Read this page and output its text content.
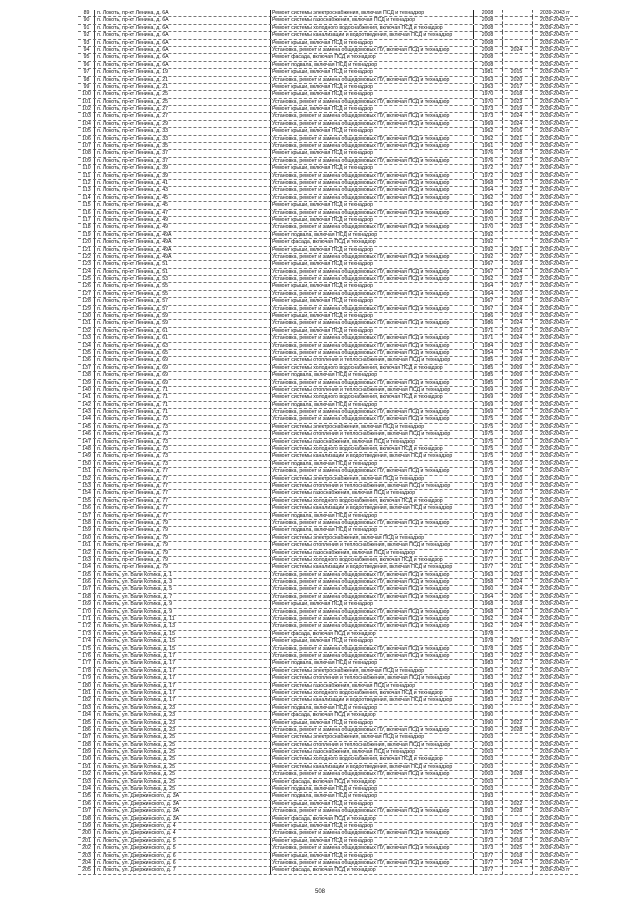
89	п. Локоть, пр-кт Ленина, д. 6А	Ремонт системы электроснабжения, включая ПСД и технадзор	2008	2039-2043 гг
90	п. Локоть, пр-кт Ленина, д. 6А	Ремонт системы газоснабжения, включая ПСД и технадзор	2008	2039-2043 гг
91	п. Локоть, пр-кт Ленина, д. 6А	Ремонт системы холодного водоснабжения, включая ПСД и технадзор	2008	2039-2043 гг
92	п. Локоть, пр-кт Ленина, д. 6А	Ремонт системы канализации и водоотведения, включая ПСД и технадзор	2008	2039-2043 гг
93	п. Локоть, пр-кт Ленина, д. 6А	Ремонт крыши, включая ПСД и технадзор	2008	2039-2043 гг
94	п. Локоть, пр-кт Ленина, д. 6А	Установка, ремонт и замена общедомовых ПУ, включая ПСД и технадзор	2008	2024	2039-2043 гг
95	п. Локоть, пр-кт Ленина, д. 6А	Ремонт фасада, включая ПСД и технадзор	2008	2039-2043 гг
96	п. Локоть, пр-кт Ленина, д. 6А	Ремонт подвала, включая ПСД и технадзор	2008	2039-2043 гг
97	п. Локоть, пр-кт Ленина, д. 19	Ремонт крыши, включая ПСД и технадзор	1981	2015	2039-2043 гг
98	п. Локоть, пр-кт Ленина, д. 21	Установка, ремонт и замена общедомовых ПУ, включая ПСД и технадзор	1963	2020	2039-2043 гг
99	п. Локоть, пр-кт Ленина, д. 21	Ремонт крыши, включая ПСД и технадзор	1963	2017	2039-2043 гг
100	п. Локоть, пр-кт Ленина, д. 25	Ремонт крыши, включая ПСД и технадзор	1970	2018	2039-2043 гг
101	п. Локоть, пр-кт Ленина, д. 25	Установка, ремонт и замена общедомовых ПУ, включая ПСД и технадзор	1970	2023	2039-2043 гг
102	п. Локоть, пр-кт Ленина, д. 27	Ремонт крыши, включая ПСД и технадзор	1973	2019	2039-2043 гг
103	п. Локоть, пр-кт Ленина, д. 27	Установка, ремонт и замена общедомовых ПУ, включая ПСД и технадзор	1973	2024	2039-2043 гг
104	п. Локоть, пр-кт Ленина, д. 29	Установка, ремонт и замена общедомовых ПУ, включая ПСД и технадзор	1969	2024	2039-2043 гг
105	п. Локоть, пр-кт Ленина, д. 33	Ремонт крыши, включая ПСД и технадзор	1962	2016	2039-2043 гг
106	п. Локоть, пр-кт Ленина, д. 33	Установка, ремонт и замена общедомовых ПУ, включая ПСД и технадзор	1962	2021	2039-2043 гг
107	п. Локоть, пр-кт Ленина, д. 35	Установка, ремонт и замена общедомовых ПУ, включая ПСД и технадзор	1961	2020	2039-2043 гг
108	п. Локоть, пр-кт Ленина, д. 37	Ремонт крыши, включая ПСД и технадзор	1976	2018	2039-2043 гг
109	п. Локоть, пр-кт Ленина, д. 37	Установка, ремонт и замена общедомовых ПУ, включая ПСД и технадзор	1976	2023	2039-2043 гг
110	п. Локоть, пр-кт Ленина, д. 39	Ремонт крыши, включая ПСД и технадзор	1972	2017	2039-2043 гг
111	п. Локоть, пр-кт Ленина, д. 39	Установка, ремонт и замена общедомовых ПУ, включая ПСД и технадзор	1972	2023	2039-2043 гг
112	п. Локоть, пр-кт Ленина, д. 41	Установка, ремонт и замена общедомовых ПУ, включая ПСД и технадзор	1968	2023	2039-2043 гг
113	п. Локоть, пр-кт Ленина, д. 43	Установка, ремонт и замена общедомовых ПУ, включая ПСД и технадзор	1964	2022	2039-2043 гг
114	п. Локоть, пр-кт Ленина, д. 45	Установка, ремонт и замена общедомовых ПУ, включая ПСД и технадзор	1962	2020	2039-2043 гг
115	п. Локоть, пр-кт Ленина, д. 45	Ремонт крыши, включая ПСД и технадзор	1962	2017	2039-2043 гг
116	п. Локоть, пр-кт Ленина, д. 47	Установка, ремонт и замена общедомовых ПУ, включая ПСД и технадзор	1960	2022	2039-2043 гг
117	п. Локоть, пр-кт Ленина, д. 49	Ремонт крыши, включая ПСД и технадзор	1970	2018	2039-2043 гг
118	п. Локоть, пр-кт Ленина, д. 49	Установка, ремонт и замена общедомовых ПУ, включая ПСД и технадзор	1970	2023	2039-2043 гг
119	п. Локоть, пр-кт Ленина, д. 49А	Ремонт подвала, включая ПСД и технадзор	1992	2039-2043 гг
120	п. Локоть, пр-кт Ленина, д. 49А	Ремонт фасада, включая ПСД и технадзор	1992	2039-2043 гг
121	п. Локоть, пр-кт Ленина, д. 49А	Ремонт крыши, включая ПСД и технадзор	1992	2021	2039-2043 гг
122	п. Локоть, пр-кт Ленина, д. 49А	Установка, ремонт и замена общедомовых ПУ, включая ПСД и технадзор	1992	2027	2039-2043 гг
123	п. Локоть, пр-кт Ленина, д. 51	Ремонт крыши, включая ПСД и технадзор	1967	2019	2039-2043 гг
124	п. Локоть, пр-кт Ленина, д. 51	Установка, ремонт и замена общедомовых ПУ, включая ПСД и технадзор	1967	2024	2039-2043 гг
125	п. Локоть, пр-кт Ленина, д. 53	Установка, ремонт и замена общедомовых ПУ, включая ПСД и технадзор	1962	2023	2039-2043 гг
126	п. Локоть, пр-кт Ленина, д. 55	Ремонт крыши, включая ПСД и технадзор	1964	2017	2039-2043 гг
127	п. Локоть, пр-кт Ленина, д. 55	Установка, ремонт и замена общедомовых ПУ, включая ПСД и технадзор	1964	2020	2039-2043 гг
128	п. Локоть, пр-кт Ленина, д. 57	Ремонт крыши, включая ПСД и технадзор	1967	2018	2039-2043 гг
129	п. Локоть, пр-кт Ленина, д. 57	Установка, ремонт и замена общедомовых ПУ, включая ПСД и технадзор	1967	2024	2039-2043 гг
130	п. Локоть, пр-кт Ленина, д. 59	Ремонт крыши, включая ПСД и технадзор	1986	2019	2039-2043 гг
131	п. Локоть, пр-кт Ленина, д. 59	Установка, ремонт и замена общедомовых ПУ, включая ПСД и технадзор	1986	2024	2039-2043 гг
132	п. Локоть, пр-кт Ленина, д. 61	Ремонт крыши, включая ПСД и технадзор	1971	2019	2039-2043 гг
133	п. Локоть, пр-кт Ленина, д. 61	Установка, ремонт и замена общедомовых ПУ, включая ПСД и технадзор	1971	2024	2039-2043 гг
134	п. Локоть, пр-кт Ленина, д. 63	Установка, ремонт и замена общедомовых ПУ, включая ПСД и технадзор	1984	2023	2039-2043 гг
135	п. Локоть, пр-кт Ленина, д. 65	Установка, ремонт и замена общедомовых ПУ, включая ПСД и технадзор	1954	2024	2039-2043 гг
136	п. Локоть, пр-кт Ленина, д. 69	Ремонт системы отопления и теплоснабжения, включая ПСД и технадзор	1985	2009	2039-2043 гг
137	п. Локоть, пр-кт Ленина, д. 69	Ремонт системы холодного водоснабжения, включая ПСД и технадзор	1985	2009	2039-2043 гг
138	п. Локоть, пр-кт Ленина, д. 69	Ремонт подвала, включая ПСД и технадзор	1985	2009	2039-2043 гг
139	п. Локоть, пр-кт Ленина, д. 69	Установка, ремонт и замена общедомовых ПУ, включая ПСД и технадзор	1985	2026	2039-2043 гг
140	п. Локоть, пр-кт Ленина, д. 71	Ремонт системы отопления и теплоснабжения, включая ПСД и технадзор	1969	2009	2039-2043 гг
141	п. Локоть, пр-кт Ленина, д. 71	Ремонт системы холодного водоснабжения, включая ПСД и технадзор	1969	2009	2039-2043 гг
142	п. Локоть, пр-кт Ленина, д. 71	Ремонт подвала, включая ПСД и технадзор	1969	2009	2039-2043 гг
143	п. Локоть, пр-кт Ленина, д. 71	Установка, ремонт и замена общедомовых ПУ, включая ПСД и технадзор	1969	2026	2039-2043 гг
144	п. Локоть, пр-кт Ленина, д. 73	Установка, ремонт и замена общедомовых ПУ, включая ПСД и технадзор	1975	2026	2039-2043 гг
145	п. Локоть, пр-кт Ленина, д. 73	Ремонт системы электроснабжения, включая ПСД и технадзор	1975	2010	2039-2043 гг
146	п. Локоть, пр-кт Ленина, д. 73	Ремонт системы отопления и теплоснабжения, включая ПСД и технадзор	1975	2010	2039-2043 гг
147	п. Локоть, пр-кт Ленина, д. 73	Ремонт системы газоснабжения, включая ПСД и технадзор	1975	2010	2039-2043 гг
148	п. Локоть, пр-кт Ленина, д. 73	Ремонт системы холодного водоснабжения, включая ПСД и технадзор	1975	2010	2039-2043 гг
149	п. Локоть, пр-кт Ленина, д. 73	Ремонт системы канализации и водоотведения, включая ПСД и технадзор	1975	2010	2039-2043 гг
150	п. Локоть, пр-кт Ленина, д. 73	Ремонт подвала, включая ПСД и технадзор	1975	2010	2039-2043 гг
151	п. Локоть, пр-кт Ленина, д. 77	Установка, ремонт и замена общедомовых ПУ, включая ПСД и технадзор	1973	2026	2039-2043 гг
152	п. Локоть, пр-кт Ленина, д. 77	Ремонт системы электроснабжения, включая ПСД и технадзор	1973	2010	2039-2043 гг
153	п. Локоть, пр-кт Ленина, д. 77	Ремонт системы отопления и теплоснабжения, включая ПСД и технадзор	1973	2010	2039-2043 гг
154	п. Локоть, пр-кт Ленина, д. 77	Ремонт системы газоснабжения, включая ПСД и технадзор	1973	2010	2039-2043 гг
155	п. Локоть, пр-кт Ленина, д. 77	Ремонт системы холодного водоснабжения, включая ПСД и технадзор	1973	2010	2039-2043 гг
156	п. Локоть, пр-кт Ленина, д. 77	Ремонт системы канализации и водоотведения, включая ПСД и технадзор	1973	2010	2039-2043 гг
157	п. Локоть, пр-кт Ленина, д. 77	Ремонт подвала, включая ПСД и технадзор	1973	2010	2039-2043 гг
158	п. Локоть, пр-кт Ленина, д. 79	Установка, ремонт и замена общедомовых ПУ, включая ПСД и технадзор	1977	2021	2039-2043 гг
159	п. Локоть, пр-кт Ленина, д. 79	Ремонт подвала, включая ПСД и технадзор	1977	2011	2039-2043 гг
160	п. Локоть, пр-кт Ленина, д. 79	Ремонт системы электроснабжения, включая ПСД и технадзор	1977	2011	2039-2043 гг
161	п. Локоть, пр-кт Ленина, д. 79	Ремонт системы отопления и теплоснабжения, включая ПСД и технадзор	1977	2011	2039-2043 гг
162	п. Локоть, пр-кт Ленина, д. 79	Ремонт системы газоснабжения, включая ПСД и технадзор	1977	2011	2039-2043 гг
163	п. Локоть, пр-кт Ленина, д. 79	Ремонт системы холодного водоснабжения, включая ПСД и технадзор	1977	2011	2039-2043 гг
164	п. Локоть, пр-кт Ленина, д. 79	Ремонт системы канализации и водоотведения, включая ПСД и технадзор	1977	2011	2039-2043 гг
165	п. Локоть, ул. Вали Котика, д. 1	Установка, ремонт и замена общедомовых ПУ, включая ПСД и технадзор	1963	2023	2039-2043 гг
166	п. Локоть, ул. Вали Котика, д. 3	Установка, ремонт и замена общедомовых ПУ, включая ПСД и технадзор	1958	2024	2039-2043 гг
167	п. Локоть, ул. Вали Котика, д. 5	Установка, ремонт и замена общедомовых ПУ, включая ПСД и технадзор	1960	2024	2039-2043 гг
168	п. Локоть, ул. Вали Котика, д. 7	Установка, ремонт и замена общедомовых ПУ, включая ПСД и технадзор	1964	2026	2039-2043 гг
169	п. Локоть, ул. Вали Котика, д. 9	Ремонт крыши, включая ПСД и технадзор	1968	2018	2039-2043 гг
170	п. Локоть, ул. Вали Котика, д. 9	Установка, ремонт и замена общедомовых ПУ, включая ПСД и технадзор	1968	2024	2039-2043 гг
171	п. Локоть, ул. Вали Котика, д. 11	Установка, ремонт и замена общедомовых ПУ, включая ПСД и технадзор	1962	2024	2039-2043 гг
172	п. Локоть, ул. Вали Котика, д. 13	Установка, ремонт и замена общедомовых ПУ, включая ПСД и технадзор	1962	2024	2039-2043 гг
173	п. Локоть, ул. Вали Котика, д. 15	Ремонт фасада, включая ПСД и технадзор	1978	2039-2043 гг
174	п. Локоть, ул. Вали Котика, д. 15	Ремонт крыши, включая ПСД и технадзор	1978	2021	2039-2043 гг
175	п. Локоть, ул. Вали Котика, д. 15	Установка, ремонт и замена общедомовых ПУ, включая ПСД и технадзор	1978	2025	2039-2043 гг
176	п. Локоть, ул. Вали Котика, д. 17	Установка, ремонт и замена общедомовых ПУ, включая ПСД и технадзор	1983	2022	2039-2043 гг
177	п. Локоть, ул. Вали Котика, д. 17	Ремонт подвала, включая ПСД и технадзор	1983	2012	2039-2043 гг
178	п. Локоть, ул. Вали Котика, д. 17	Ремонт системы электроснабжения, включая ПСД и технадзор	1983	2012	2039-2043 гг
179	п. Локоть, ул. Вали Котика, д. 17	Ремонт системы отопления и теплоснабжения, включая ПСД и технадзор	1983	2012	2039-2043 гг
180	п. Локоть, ул. Вали Котика, д. 17	Ремонт системы газоснабжения, включая ПСД и технадзор	1983	2012	2039-2043 гг
181	п. Локоть, ул. Вали Котика, д. 17	Ремонт системы холодного водоснабжения, включая ПСД и технадзор	1983	2012	2039-2043 гг
182	п. Локоть, ул. Вали Котика, д. 17	Ремонт системы канализации и водоотведения, включая ПСД и технадзор	1983	2012	2039-2043 гг
183	п. Локоть, ул. Вали Котика, д. 23	Ремонт подвала, включая ПСД и технадзор	1990	2039-2043 гг
184	п. Локоть, ул. Вали Котика, д. 23	Ремонт фасада, включая ПСД и технадзор	1990	2039-2043 гг
185	п. Локоть, ул. Вали Котика, д. 23	Ремонт крыши, включая ПСД и технадзор	1990	2022	2039-2043 гг
186	п. Локоть, ул. Вали Котика, д. 23	Установка, ремонт и замена общедомовых ПУ, включая ПСД и технадзор	1990	2028	2039-2043 гг
187	п. Локоть, ул. Вали Котика, д. 25	Ремонт системы электроснабжения, включая ПСД и технадзор	2003	2039-2043 гг
188	п. Локоть, ул. Вали Котика, д. 25	Ремонт системы отопления и теплоснабжения, включая ПСД и технадзор	2003	2039-2043 гг
189	п. Локоть, ул. Вали Котика, д. 25	Ремонт системы газоснабжения, включая ПСД и технадзор	2003	2039-2043 гг
190	п. Локоть, ул. Вали Котика, д. 25	Ремонт системы холодного водоснабжения, включая ПСД и технадзор	2003	2039-2043 гг
191	п. Локоть, ул. Вали Котика, д. 25	Ремонт системы канализации и водоотведения, включая ПСД и технадзор	2003	2039-2043 гг
192	п. Локоть, ул. Вали Котика, д. 25	Установка, ремонт и замена общедомовых ПУ, включая ПСД и технадзор	2003	2028	2039-2043 гг
193	п. Локоть, ул. Вали Котика, д. 25	Ремонт фасада, включая ПСД и технадзор	2003	2039-2043 гг
194	п. Локоть, ул. Вали Котика, д. 25	Ремонт подвала, включая ПСД и технадзор	2003	2039-2043 гг
195	п. Локоть, ул. Дзержинского, д. 3А	Ремонт подвала, включая ПСД и технадзор	1993	2039-2043 гг
196	п. Локоть, ул. Дзержинского, д. 3А	Ремонт крыши, включая ПСД и технадзор	1993	2022	2039-2043 гг
197	п. Локоть, ул. Дзержинского, д. 3А	Установка, ремонт и замена общедомовых ПУ, включая ПСД и технадзор	1993	2028	2039-2043 гг
198	п. Локоть, ул. Дзержинского, д. 3А	Ремонт фасада, включая ПСД и технадзор	1993	2039-2043 гг
199	п. Локоть, ул. Дзержинского, д. 4	Ремонт крыши, включая ПСД и технадзор	1973	2019	2039-2043 гг
200	п. Локоть, ул. Дзержинского, д. 4	Установка, ремонт и замена общедомовых ПУ, включая ПСД и технадзор	1973	2025	2039-2043 гг
201	п. Локоть, ул. Дзержинского, д. 5	Ремонт крыши, включая ПСД и технадзор	1973	2018	2039-2043 гг
202	п. Локоть, ул. Дзержинского, д. 5	Установка, ремонт и замена общедомовых ПУ, включая ПСД и технадзор	1973	2025	2039-2043 гг
203	п. Локоть, ул. Дзержинского, д. 6	Ремонт крыши, включая ПСД и технадзор	1977	2018	2039-2043 гг
204	п. Локоть, ул. Дзержинского, д. 6	Установка, ремонт и замена общедомовых ПУ, включая ПСД и технадзор	1977	2024	2039-2043 гг
205	п. Локоть, ул. Дзержинского, д. 7	Ремонт фасада, включая ПСД и технадзор	1977	2039-2043 гг
508
